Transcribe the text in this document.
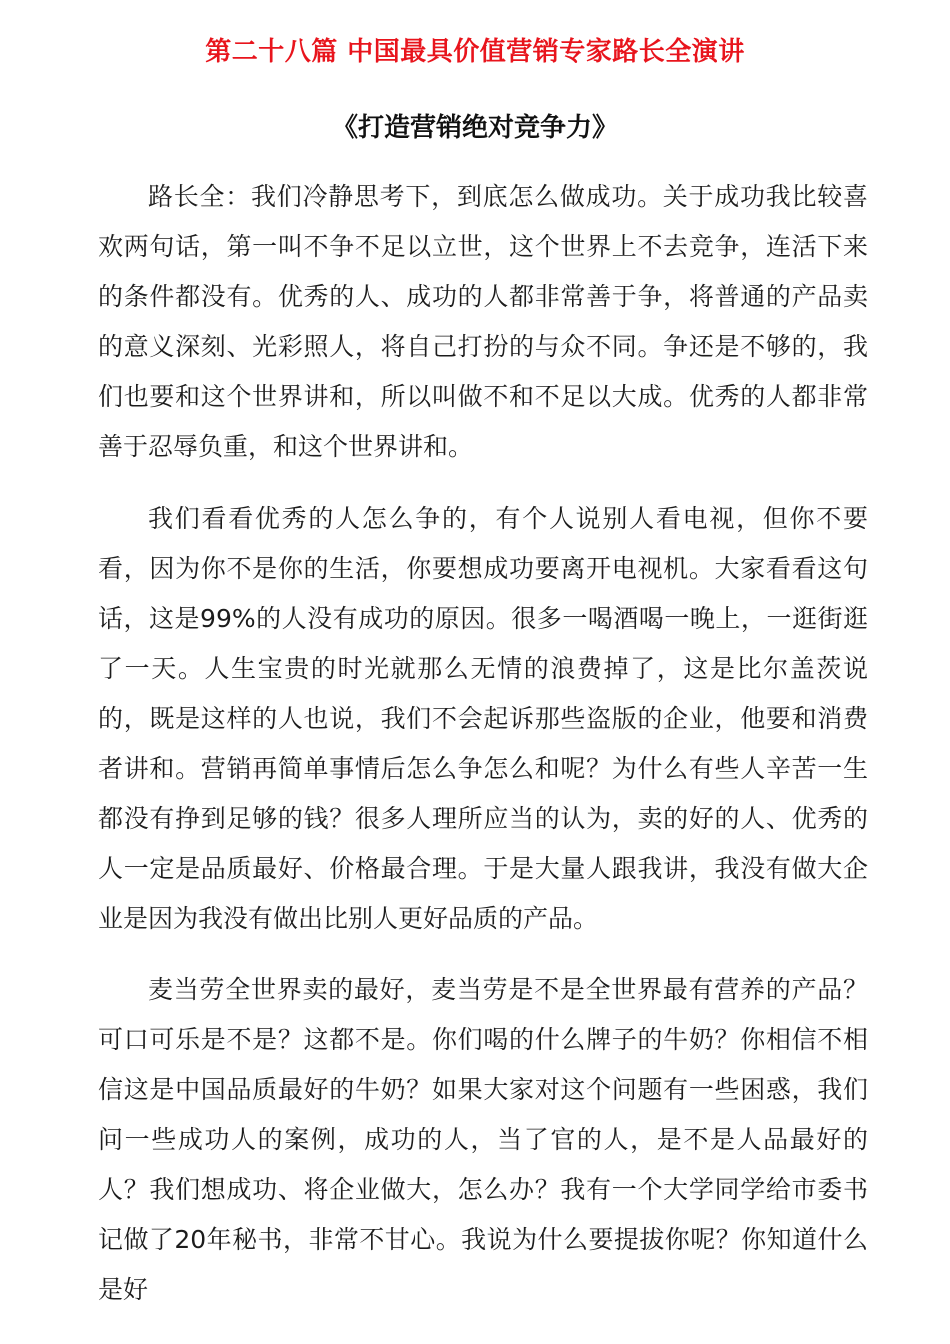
第二十八篇 中国最具价值营销专家路长全演讲
《打造营销绝对竞争力》

路长全：我们冷静思考下，到底怎么做成功。关于成功我比较喜欢两句话，第一叫不争不足以立世，这个世界上不去竞争，连活下来的条件都没有。优秀的人、成功的人都非常善于争，将普通的产品卖的意义深刻、光彩照人，将自己打扮的与众不同。争还是不够的，我们也要和这个世界讲和，所以叫做不和不足以大成。优秀的人都非常善于忍辱负重，和这个世界讲和。

我们看看优秀的人怎么争的，有个人说别人看电视，但你不要看，因为你不是你的生活，你要想成功要离开电视机。大家看看这句话，这是99%的人没有成功的原因。很多一喝酒喝一晚上，一逛街逛了一天。人生宝贵的时光就那么无情的浪费掉了，这是比尔盖茨说的，既是这样的人也说，我们不会起诉那些盗版的企业，他要和消费者讲和。营销再简单事情后怎么争怎么和呢？为什么有些人辛苦一生都没有挣到足够的钱？很多人理所应当的认为，卖的好的人、优秀的人一定是品质最好、价格最合理。于是大量人跟我讲，我没有做大企业是因为我没有做出比别人更好品质的产品。

麦当劳全世界卖的最好，麦当劳是不是全世界最有营养的产品？可口可乐是不是？这都不是。你们喝的什么牌子的牛奶？你相信不相信这是中国品质最好的牛奶？如果大家对这个问题有一些困惑，我们问一些成功人的案例，成功的人，当了官的人，是不是人品最好的人？我们想成功、将企业做大，怎么办？我有一个大学同学给市委书记做了20年秘书，非常不甘心。我说为什么要提拔你呢？你知道什么是好
